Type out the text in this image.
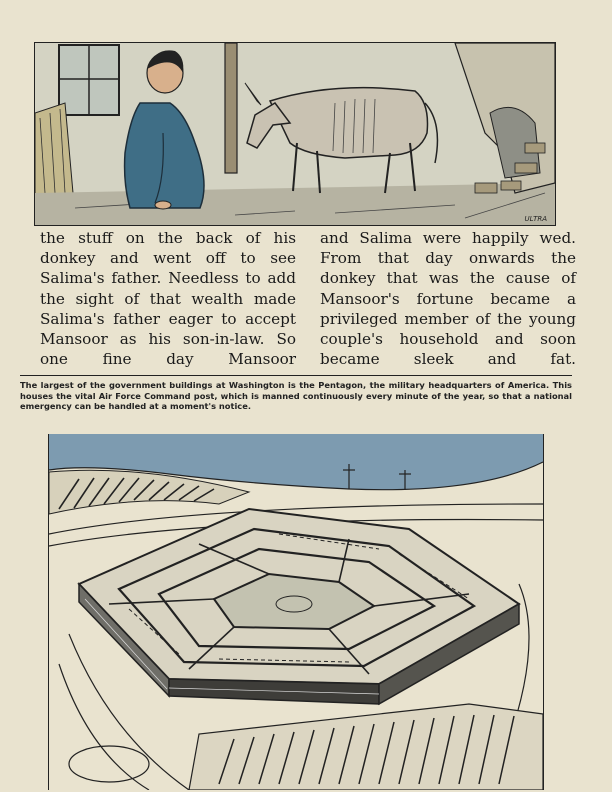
ULTRA

the stuff on the back of his donkey and went off to see Salima's father. Needless to add the sight of that wealth made Salima's father eager to accept Mansoor as his son-in-law. So one fine day Mansoor

and Salima were happily wed. From that day onwards the donkey that was the cause of Mansoor's fortune became a privileged member of the young couple's household and soon became sleek and fat.

The largest of the government buildings at Washington is the Pentagon, the military headquarters of America. This houses the vital Air Force Command post, which is manned continuously every minute of the year, so that a national emergency can be handled at a moment's notice.
